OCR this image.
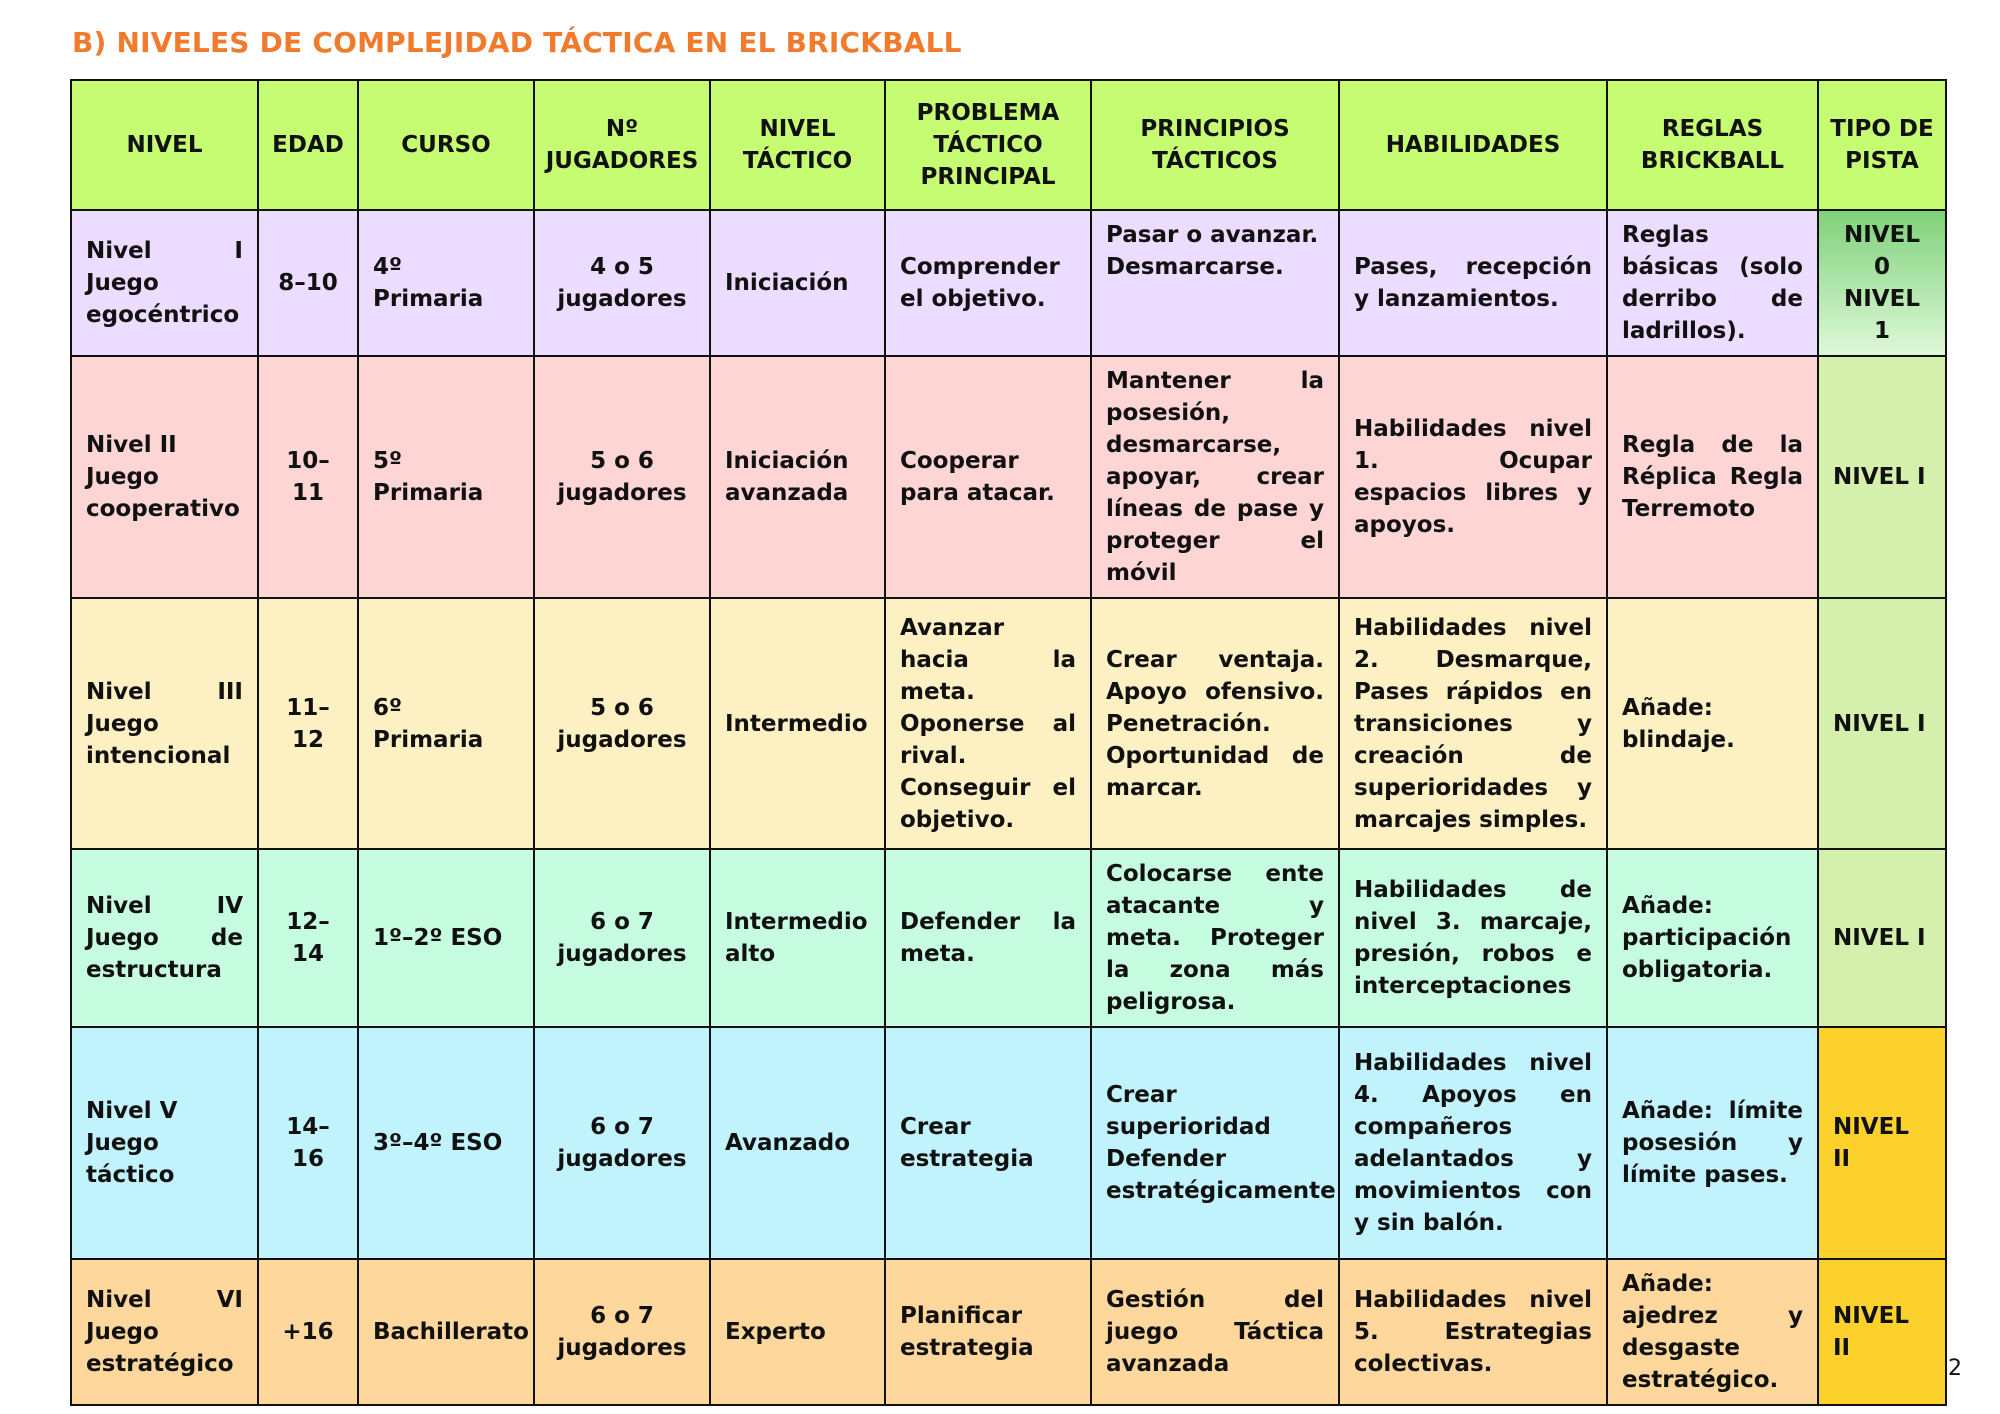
B) NIVELES DE COMPLEJIDAD TÁCTICA EN EL BRICKBALL
NIVEL	EDAD	CURSO	Nº JUGADORES	NIVEL TÁCTICO	PROBLEMA TÁCTICO PRINCIPAL	PRINCIPIOS TÁCTICOS	HABILIDADES	REGLAS BRICKBALL	TIPO DE PISTA
Nivel I Juego egocéntrico	8–10	4º Primaria	4 o 5 jugadores	Iniciación	Comprender el objetivo.	Pasar o avanzar. Desmarcarse.	Pases, recepción y lanzamientos.	Reglas básicas (solo derribo de ladrillos).	NIVEL 0 NIVEL 1
Nivel II Juego cooperativo	10–11	5º Primaria	5 o 6 jugadores	Iniciación avanzada	Cooperar para atacar.	Mantener la posesión, desmarcarse, apoyar, crear líneas de pase y proteger el móvil	Habilidades nivel 1. Ocupar espacios libres y apoyos.	Regla de la Réplica Regla Terremoto	NIVEL I
Nivel III Juego intencional	11–12	6º Primaria	5 o 6 jugadores	Intermedio	Avanzar hacia la meta. Oponerse al rival. Conseguir el objetivo.	Crear ventaja. Apoyo ofensivo. Penetración. Oportunidad de marcar.	Habilidades nivel 2. Desmarque, Pases rápidos en transiciones y creación de superioridades y marcajes simples.	Añade: blindaje.	NIVEL I
Nivel IV Juego de estructura	12–14	1º–2º ESO	6 o 7 jugadores	Intermedio alto	Defender la meta.	Colocarse ente atacante y meta. Proteger la zona más peligrosa.	Habilidades de nivel 3. marcaje, presión, robos e interceptaciones	Añade: participación obligatoria.	NIVEL I
Nivel V Juego táctico	14–16	3º–4º ESO	6 o 7 jugadores	Avanzado	Crear estrategia	Crear superioridad Defender estratégicamente	Habilidades nivel 4. Apoyos en compañeros adelantados y movimientos con y sin balón.	Añade: límite posesión y límite pases.	NIVEL II
Nivel VI Juego estratégico	+16	Bachillerato	6 o 7 jugadores	Experto	Planificar estrategia	Gestión del juego Táctica avanzada	Habilidades nivel 5. Estrategias colectivas.	Añade: ajedrez y desgaste estratégico.	NIVEL II
2
